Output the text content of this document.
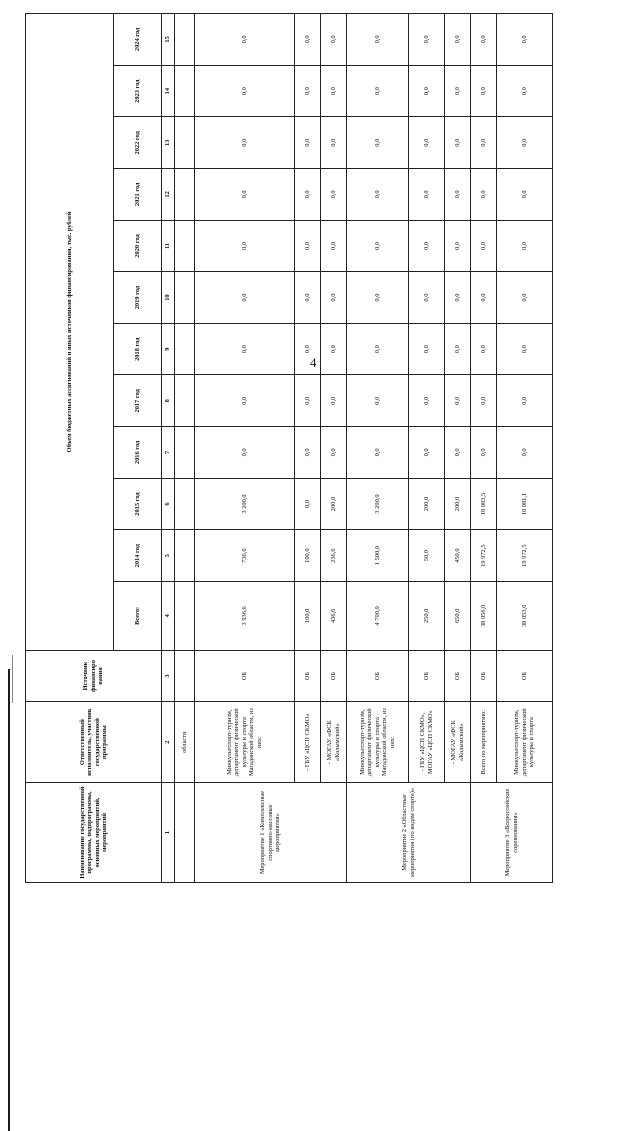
4
Наименование государственной программы, подпрограммы, основных мероприятий, мероприятий	Ответственный исполнитель, участник государственной программы	Источник финансиро вания	Объем бюджетных ассигнований и иных источников финансирования, тыс. рублей											
			Всего:	2014 год	2015 год	2016 год	2017 год	2018 год	2019 год	2020 год	2021 год	2022 год	2023 год	2024 год
1	2	3	4	5	6	7	8	9	10	11	12	13	14	15
	области													
Мероприятие 1 «Комплексные спортивно-массовые мероприятия»	Минкультспорт-туризм, департамент физической культуры и спорта Магаданской области, из них:	ОБ	3 936,6	736,6	3 200,0	0,0	0,0	0,0	0,0	0,0	0,0	0,0	0,0	0,0
	- ГБУ «ЦСП СКМО»	ОБ	100,0	100,0	0,0	0,0	0,0	0,0	0,0	0,0	0,0	0,0	0,0	0,0
	- МОГАУ «ФСК «Колымский»	ОБ	436,6	236,6	200,0	0,0	0,0	0,0	0,0	0,0	0,0	0,0	0,0	0,0
Мероприятие 2 «Областные мероприятия (по видам спорта)»	Минкультспорт-туризм, департамент физической культуры и спорта Магаданской области, из них:	ОБ	4 700,0	1 500,0	3 200,0	0,0	0,0	0,0	0,0	0,0	0,0	0,0	0,0	0,0
	- ГБУ «ЦСП СКМО», МОГАУ «ЦСП СКМО»	ОБ	250,0	50,0	200,0	0,0	0,0	0,0	0,0	0,0	0,0	0,0	0,0	0,0
	- МОГАУ «ФСК «Колымский»	ОБ	650,0	450,0	200,0	0,0	0,0	0,0	0,0	0,0	0,0	0,0	0,0	0,0
Мероприятие 3 «Всероссийские соревнования»	Всего по мероприятию:	ОБ	38 056,0	19 972,5	18 083,5	0,0	0,0	0,0	0,0	0,0	0,0	0,0	0,0	0,0
	Минкультспорт-туризм, департамент физической культуры и спорта	ОБ	38 053,6	19 972,5	18 081,1	0,0	0,0	0,0	0,0	0,0	0,0	0,0	0,0	0,0
